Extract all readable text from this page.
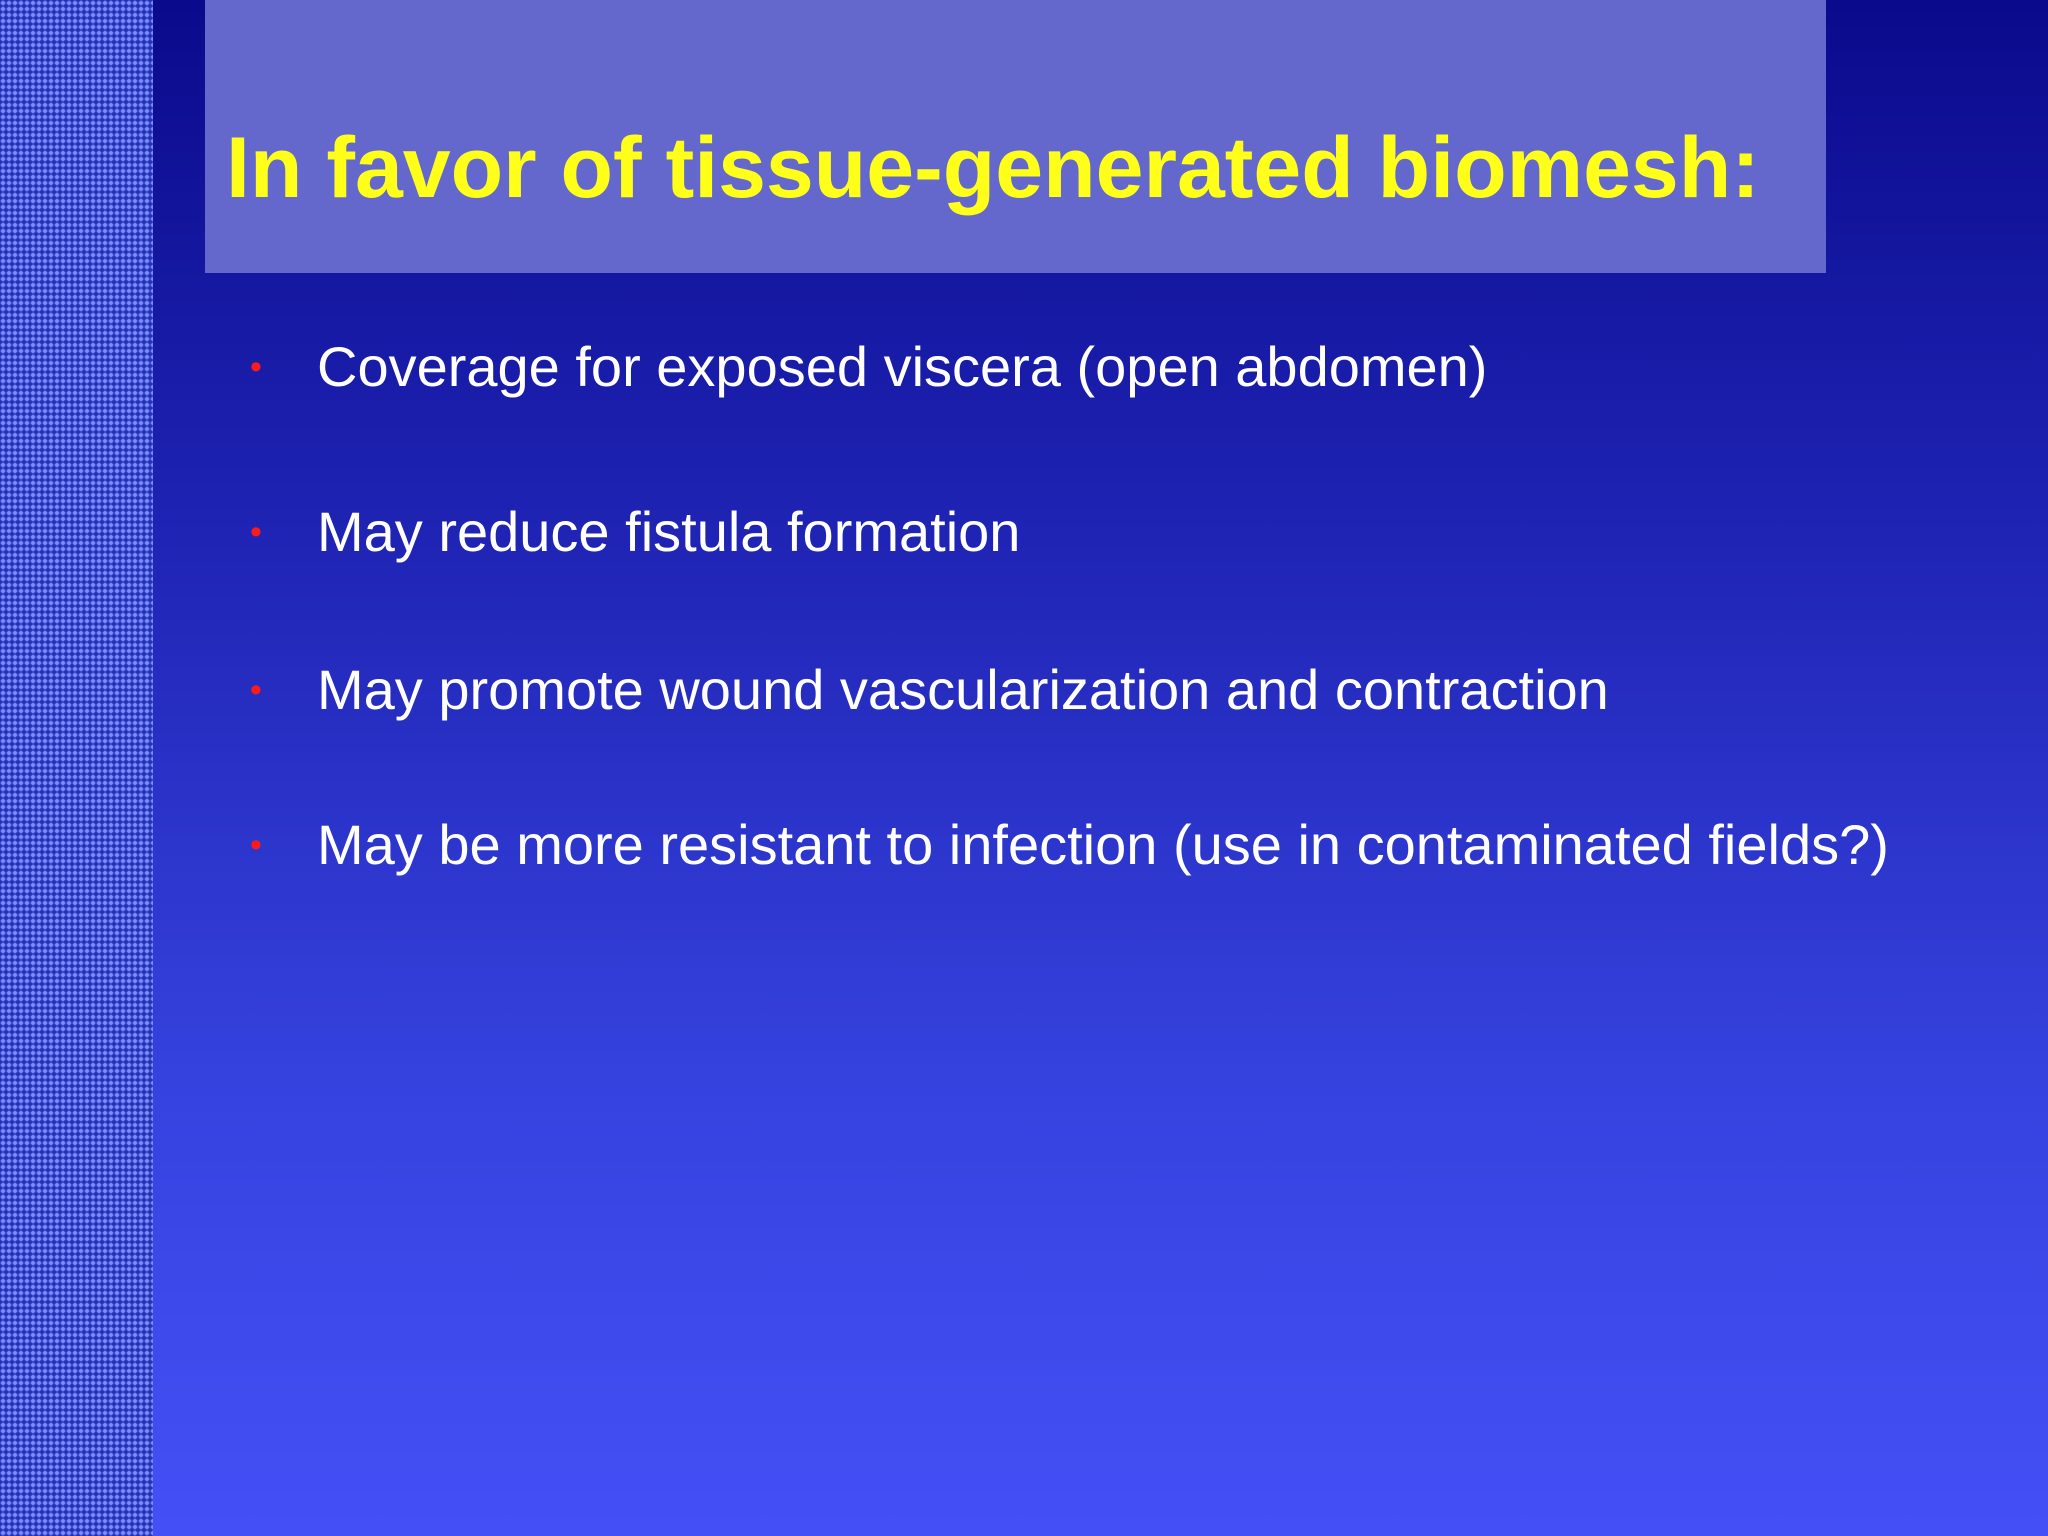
In favor of tissue-generated biomesh:
• Coverage for exposed viscera (open abdomen)
• May reduce fistula formation
• May promote wound vascularization and contraction
• May be more resistant to infection (use in contaminated fields?)
